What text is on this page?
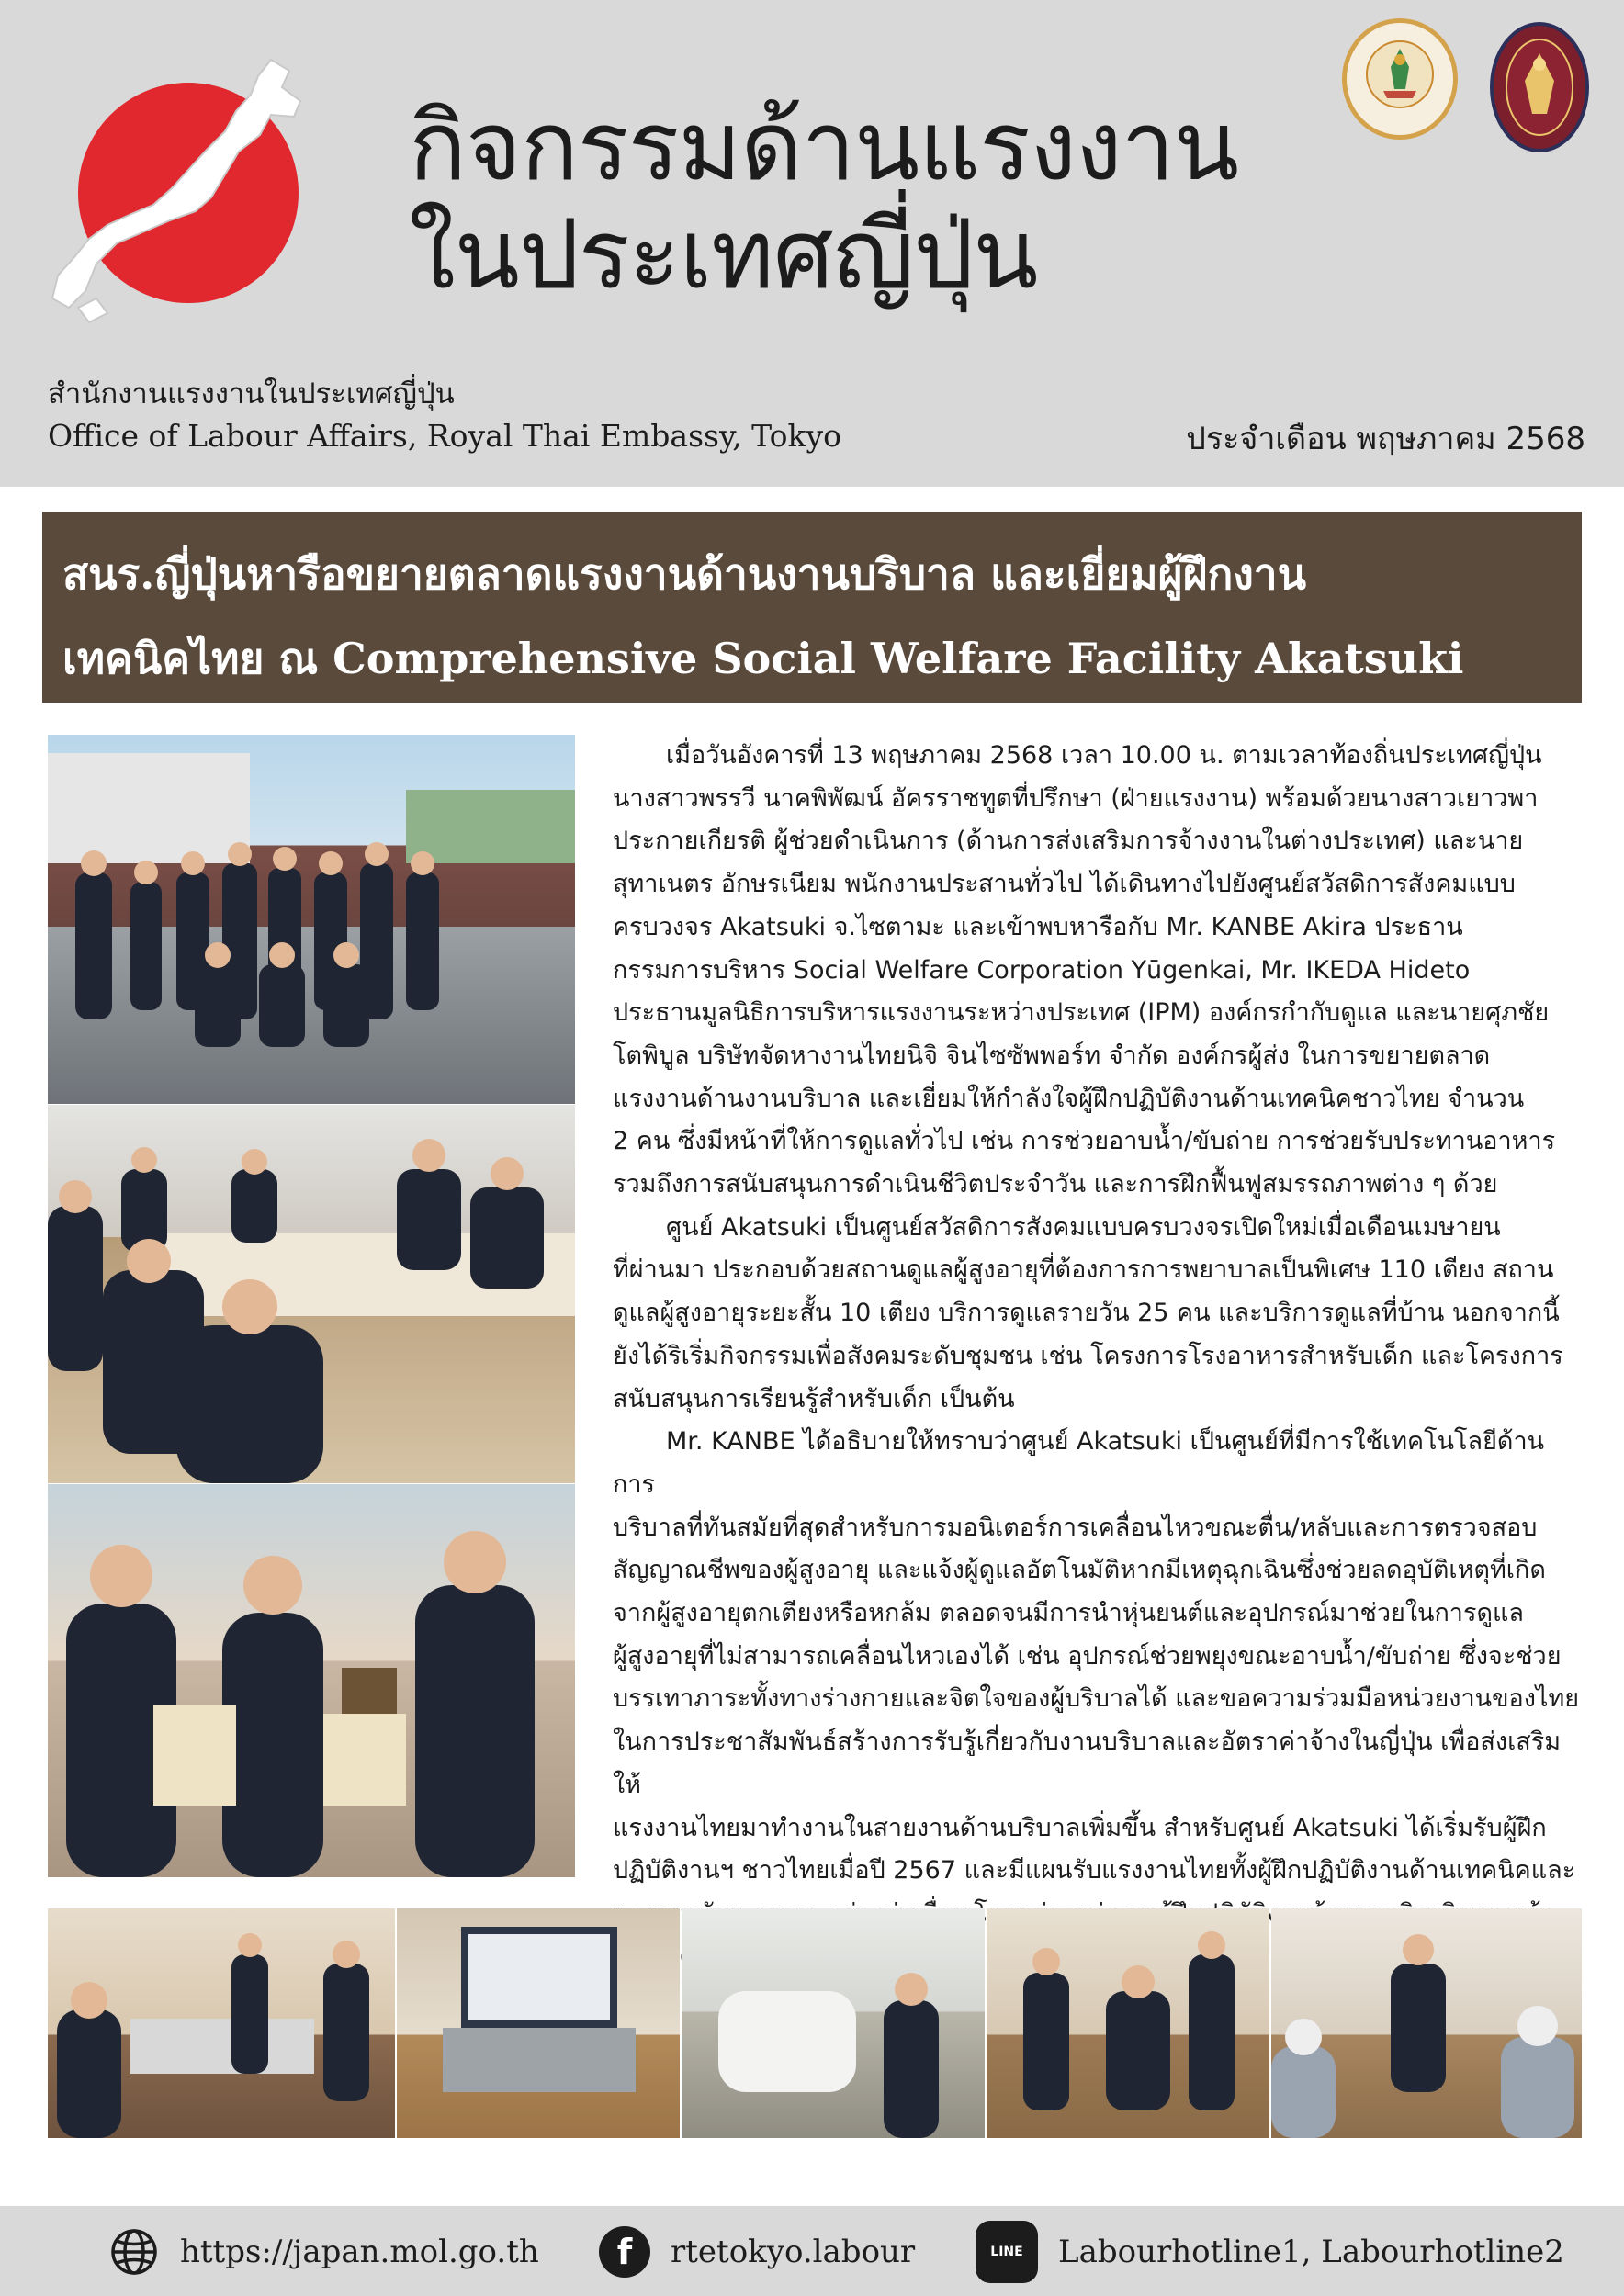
กิจกรรมด้านแรงงาน
ในประเทศญี่ปุ่น
สำนักงานแรงงานในประเทศญี่ปุ่น
Office of Labour Affairs, Royal Thai Embassy, Tokyo	ประจำเดือน พฤษภาคม 2568
สนร.ญี่ปุ่นหารือขยายตลาดแรงงานด้านงานบริบาล และเยี่ยมผู้ฝึกงาน
เทคนิคไทย ณ Comprehensive Social Welfare Facility Akatsuki

เมื่อวันอังคารที่ 13 พฤษภาคม 2568 เวลา 10.00 น. ตามเวลาท้องถิ่นประเทศญี่ปุ่น

นางสาวพรรวี นาคพิพัฒน์ อัครราชทูตที่ปรึกษา (ฝ่ายแรงงาน) พร้อมด้วยนางสาวเยาวพา

ประกายเกียรติ ผู้ช่วยดำเนินการ (ด้านการส่งเสริมการจ้างงานในต่างประเทศ) และนาย

สุทาเนตร อักษรเนียม พนักงานประสานทั่วไป ได้เดินทางไปยังศูนย์สวัสดิการสังคมแบบ

ครบวงจร Akatsuki จ.ไซตามะ และเข้าพบหารือกับ Mr. KANBE Akira ประธาน

กรรมการบริหาร Social Welfare Corporation Yūgenkai, Mr. IKEDA Hideto

ประธานมูลนิธิการบริหารแรงงานระหว่างประเทศ (IPM) องค์กรกำกับดูแล และนายศุภชัย

โตพิบูล บริษัทจัดหางานไทยนิจิ จินไซซัพพอร์ท จำกัด องค์กรผู้ส่ง ในการขยายตลาด

แรงงานด้านงานบริบาล และเยี่ยมให้กำลังใจผู้ฝึกปฏิบัติงานด้านเทคนิคชาวไทย จำนวน

2 คน ซึ่งมีหน้าที่ให้การดูแลทั่วไป เช่น การช่วยอาบน้ำ/ขับถ่าย การช่วยรับประทานอาหาร

รวมถึงการสนับสนุนการดำเนินชีวิตประจำวัน และการฝึกฟื้นฟูสมรรถภาพต่าง ๆ ด้วย

ศูนย์ Akatsuki เป็นศูนย์สวัสดิการสังคมแบบครบวงจรเปิดใหม่เมื่อเดือนเมษายน

ที่ผ่านมา ประกอบด้วยสถานดูแลผู้สูงอายุที่ต้องการการพยาบาลเป็นพิเศษ 110 เตียง สถาน

ดูแลผู้สูงอายุระยะสั้น 10 เตียง บริการดูแลรายวัน 25 คน และบริการดูแลที่บ้าน นอกจากนี้

ยังได้ริเริ่มกิจกรรมเพื่อสังคมระดับชุมชน เช่น โครงการโรงอาหารสำหรับเด็ก และโครงการ

สนับสนุนการเรียนรู้สำหรับเด็ก เป็นต้น

Mr. KANBE ได้อธิบายให้ทราบว่าศูนย์ Akatsuki เป็นศูนย์ที่มีการใช้เทคโนโลยีด้านการ

บริบาลที่ทันสมัยที่สุดสำหรับการมอนิเตอร์การเคลื่อนไหวขณะตื่น/หลับและการตรวจสอบ

สัญญาณชีพของผู้สูงอายุ และแจ้งผู้ดูแลอัตโนมัติหากมีเหตุฉุกเฉินซึ่งช่วยลดอุบัติเหตุที่เกิด

จากผู้สูงอายุตกเตียงหรือหกล้ม ตลอดจนมีการนำหุ่นยนต์และอุปกรณ์มาช่วยในการดูแล

ผู้สูงอายุที่ไม่สามารถเคลื่อนไหวเองได้ เช่น อุปกรณ์ช่วยพยุงขณะอาบน้ำ/ขับถ่าย ซึ่งจะช่วย

บรรเทาภาระทั้งทางร่างกายและจิตใจของผู้บริบาลได้ และขอความร่วมมือหน่วยงานของไทย

ในการประชาสัมพันธ์สร้างการรับรู้เกี่ยวกับงานบริบาลและอัตราค่าจ้างในญี่ปุ่น เพื่อส่งเสริมให้

แรงงานไทยมาทำงานในสายงานด้านบริบาลเพิ่มขึ้น สำหรับศูนย์ Akatsuki ได้เริ่มรับผู้ฝึก

ปฏิบัติงานฯ ชาวไทยเมื่อปี 2567 และมีแผนรับแรงงานไทยทั้งผู้ฝึกปฏิบัติงานด้านเทคนิคและ

https://japan.mol.go.th	f	rtetokyo.labour	LINE	Labourhotline1, Labourhotline2
